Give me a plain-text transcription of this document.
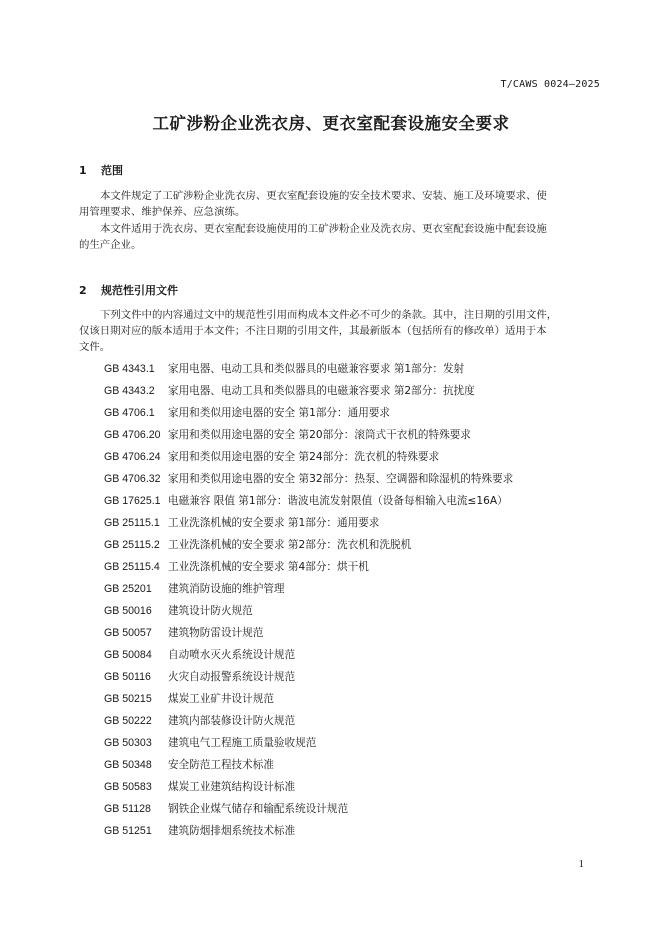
T/CAWS 0024—2025
工矿涉粉企业洗衣房、更衣室配套设施安全要求
1 范围
本文件规定了工矿涉粉企业洗衣房、更衣室配套设施的安全技术要求、安装、施工及环境要求、使
用管理要求、维护保养、应急演练。
本文件适用于洗衣房、更衣室配套设施使用的工矿涉粉企业及洗衣房、更衣室配套设施中配套设施
的生产企业。
2 规范性引用文件
下列文件中的内容通过文中的规范性引用而构成本文件必不可少的条款。其中，注日期的引用文件，
仅该日期对应的版本适用于本文件；不注日期的引用文件，其最新版本（包括所有的修改单）适用于本
文件。
GB 4343.1 家用电器、电动工具和类似器具的电磁兼容要求 第1部分：发射
GB 4343.2 家用电器、电动工具和类似器具的电磁兼容要求 第2部分：抗扰度
GB 4706.1 家用和类似用途电器的安全 第1部分：通用要求
GB 4706.20 家用和类似用途电器的安全 第20部分：滚筒式干衣机的特殊要求
GB 4706.24 家用和类似用途电器的安全 第24部分：洗衣机的特殊要求
GB 4706.32 家用和类似用途电器的安全 第32部分：热泵、空调器和除湿机的特殊要求
GB 17625.1 电磁兼容 限值 第1部分：谐波电流发射限值（设备每相输入电流≤16A）
GB 25115.1 工业洗涤机械的安全要求 第1部分：通用要求
GB 25115.2 工业洗涤机械的安全要求 第2部分：洗衣机和洗脱机
GB 25115.4 工业洗涤机械的安全要求 第4部分：烘干机
GB 25201 建筑消防设施的维护管理
GB 50016 建筑设计防火规范
GB 50057 建筑物防雷设计规范
GB 50084 自动喷水灭火系统设计规范
GB 50116 火灾自动报警系统设计规范
GB 50215 煤炭工业矿井设计规范
GB 50222 建筑内部装修设计防火规范
GB 50303 建筑电气工程施工质量验收规范
GB 50348 安全防范工程技术标准
GB 50583 煤炭工业建筑结构设计标准
GB 51128 钢铁企业煤气储存和输配系统设计规范
GB 51251 建筑防烟排烟系统技术标准
1
